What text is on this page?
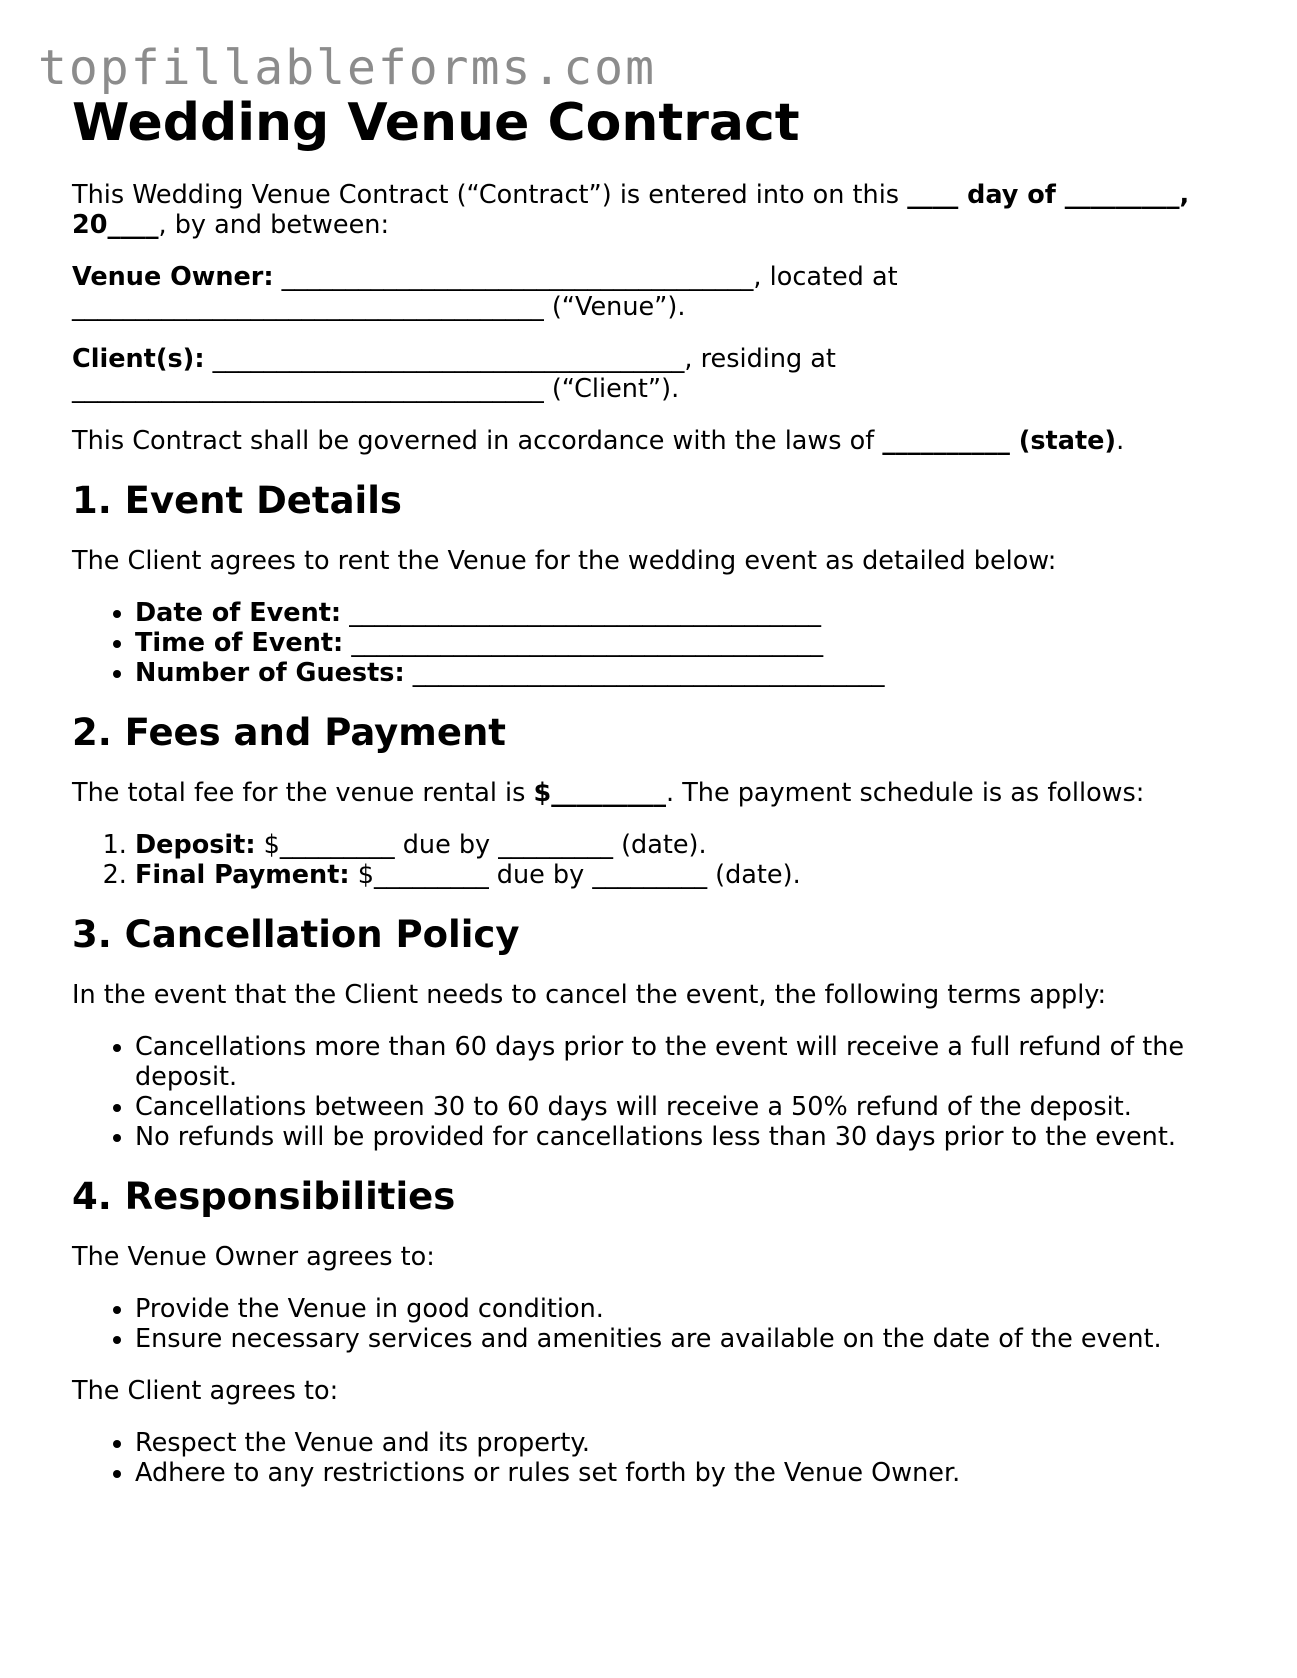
topfillableforms.com
Wedding Venue Contract

This Wedding Venue Contract (“Contract”) is entered into on this ____ day of _________,
20____, by and between:

Venue Owner: _____________________________________, located at
_____________________________________ (“Venue”).

Client(s): _____________________________________, residing at
_____________________________________ (“Client”).

This Contract shall be governed in accordance with the laws of __________ (state).

1. Event Details

The Client agrees to rent the Venue for the wedding event as detailed below:

• Date of Event: _____________________________________
• Time of Event: _____________________________________
• Number of Guests: _____________________________________
2. Fees and Payment

The total fee for the venue rental is $_________. The payment schedule is as follows:

1. Deposit: $_________ due by _________ (date).
2. Final Payment: $_________ due by _________ (date).
3. Cancellation Policy

In the event that the Client needs to cancel the event, the following terms apply:

• Cancellations more than 60 days prior to the event will receive a full refund of the deposit.
• Cancellations between 30 to 60 days will receive a 50% refund of the deposit.
• No refunds will be provided for cancellations less than 30 days prior to the event.
4. Responsibilities

The Venue Owner agrees to:

• Provide the Venue in good condition.
• Ensure necessary services and amenities are available on the date of the event.

The Client agrees to:

• Respect the Venue and its property.
• Adhere to any restrictions or rules set forth by the Venue Owner.
